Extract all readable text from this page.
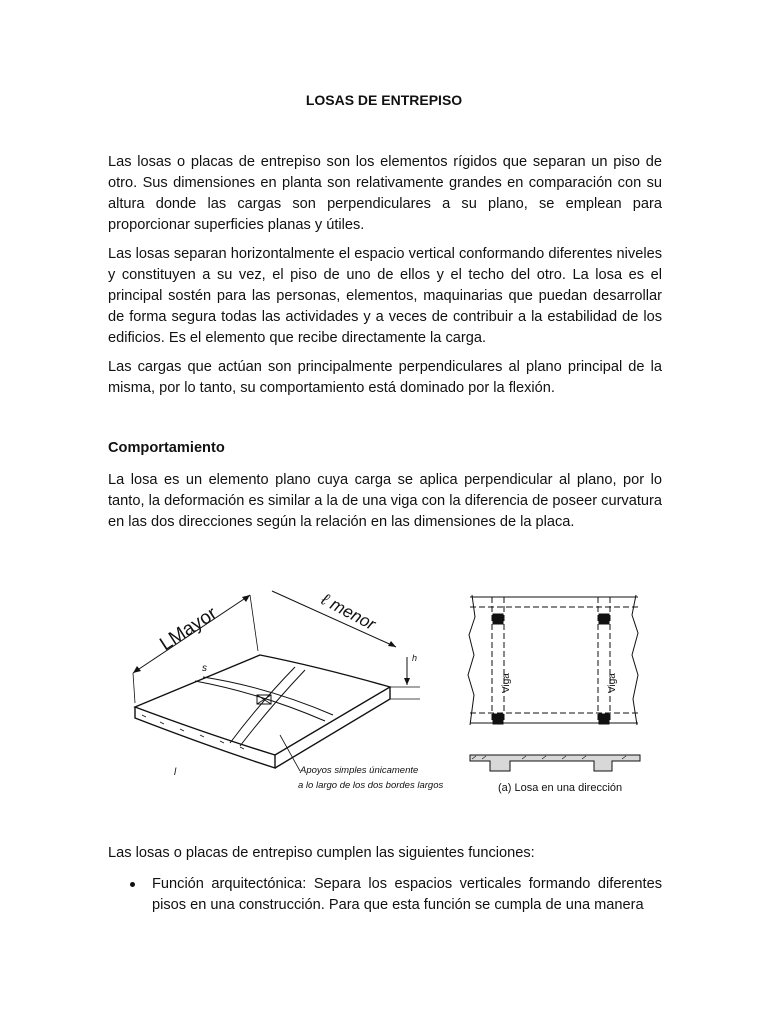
LOSAS DE ENTREPISO

Las losas o placas de entrepiso son los elementos rígidos que separan un piso de otro. Sus dimensiones en planta son relativamente grandes en comparación con su altura donde las cargas son perpendiculares a su plano, se emplean para proporcionar superficies planas y útiles.

Las losas separan horizontalmente el espacio vertical conformando diferentes niveles y constituyen a su vez, el piso de uno de ellos y el techo del otro. La losa es el principal sostén para las personas, elementos, maquinarias que puedan desarrollar de forma segura todas las actividades y a veces de contribuir a la estabilidad de los edificios. Es el elemento que recibe directamente la carga.

Las cargas que actúan son principalmente perpendiculares al plano principal de la misma, por lo tanto, su comportamiento está dominado por la flexión.

Comportamiento

La losa es un elemento plano cuya carga se aplica perpendicular al plano, por lo tanto, la deformación es similar a la de una viga con la diferencia de poseer curvatura en las dos direcciones según la relación en las dimensiones de la placa.

LMayor	ℓ menor
s
h
l	Apoyos simples únicamente
a lo largo de los dos bordes largos
Viga	Viga
(a) Losa en una dirección

Las losas o placas de entrepiso cumplen las siguientes funciones:

Función arquitectónica: Separa los espacios verticales formando diferentes pisos en una construcción. Para que esta función se cumpla de una manera
